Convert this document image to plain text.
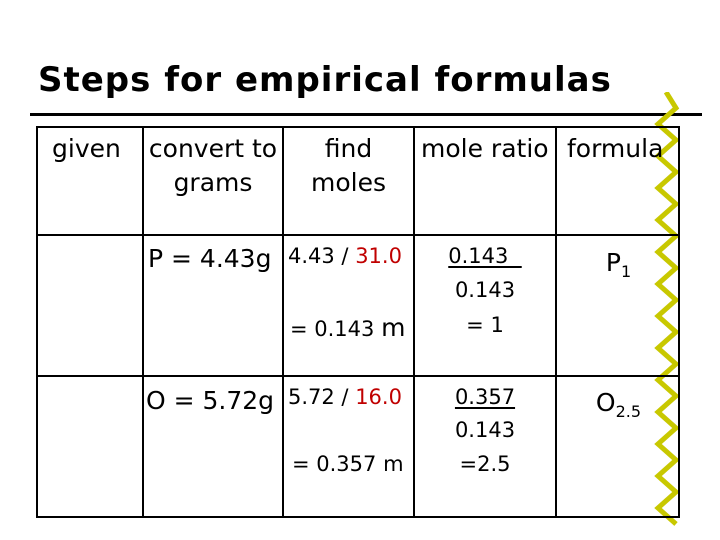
Steps for empirical formulas
given convert to
grams
find
moles
mole ratio formula
P = 4.43g 4.43 / 31.0
= 0.143 m
0.143
0.143
= 1
$P_1$
O = 5.72g 5.72 / 16.0
= 0.357 m
0.357
0.143
=2.5
$O_{2.5}$
